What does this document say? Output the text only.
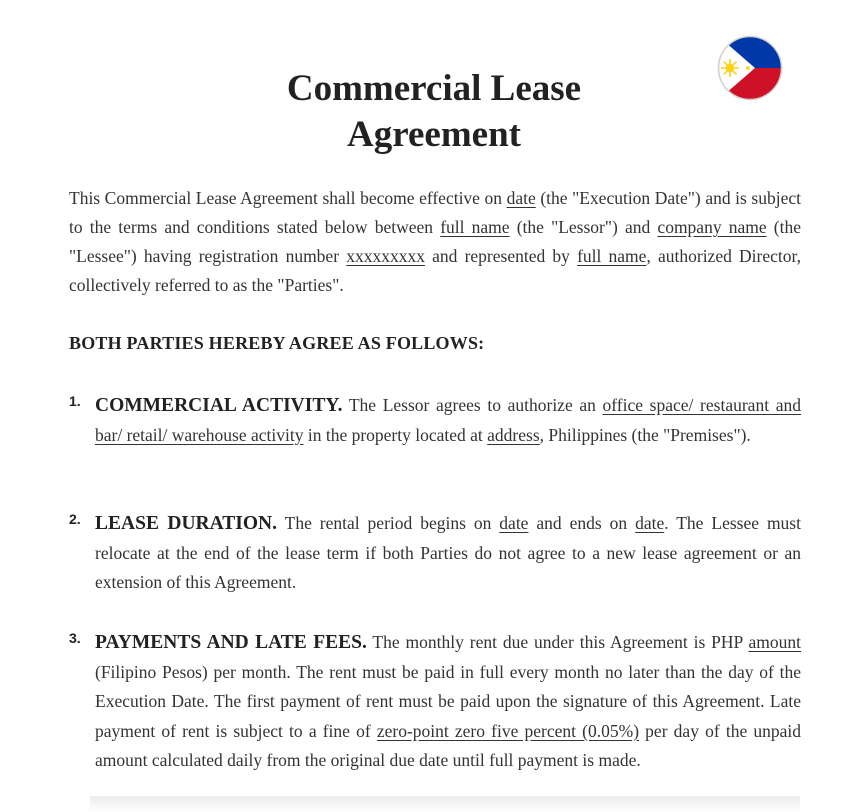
Commercial Lease
Agreement

This Commercial Lease Agreement shall become effective on date (the "Execution Date") and is subject to the terms and conditions stated below between full name (the "Lessor") and company name (the "Lessee") having registration number xxxxxxxxx and represented by full name, authorized Director, collectively referred to as the "Parties".

BOTH PARTIES HEREBY AGREE AS FOLLOWS:
1. COMMERCIAL ACTIVITY. The Lessor agrees to authorize an office space/ restaurant and bar/ retail/ warehouse activity in the property located at address, Philippines (the "Premises").

2. LEASE DURATION. The rental period begins on date and ends on date. The Lessee must relocate at the end of the lease term if both Parties do not agree to a new lease agreement or an extension of this Agreement.

3. PAYMENTS AND LATE FEES. The monthly rent due under this Agreement is PHP amount (Filipino Pesos) per month. The rent must be paid in full every month no later than the day of the Execution Date. The first payment of rent must be paid upon the signature of this Agreement. Late payment of rent is subject to a fine of zero-point zero five percent (0.05%) per day of the unpaid amount calculated daily from the original due date until full payment is made.
